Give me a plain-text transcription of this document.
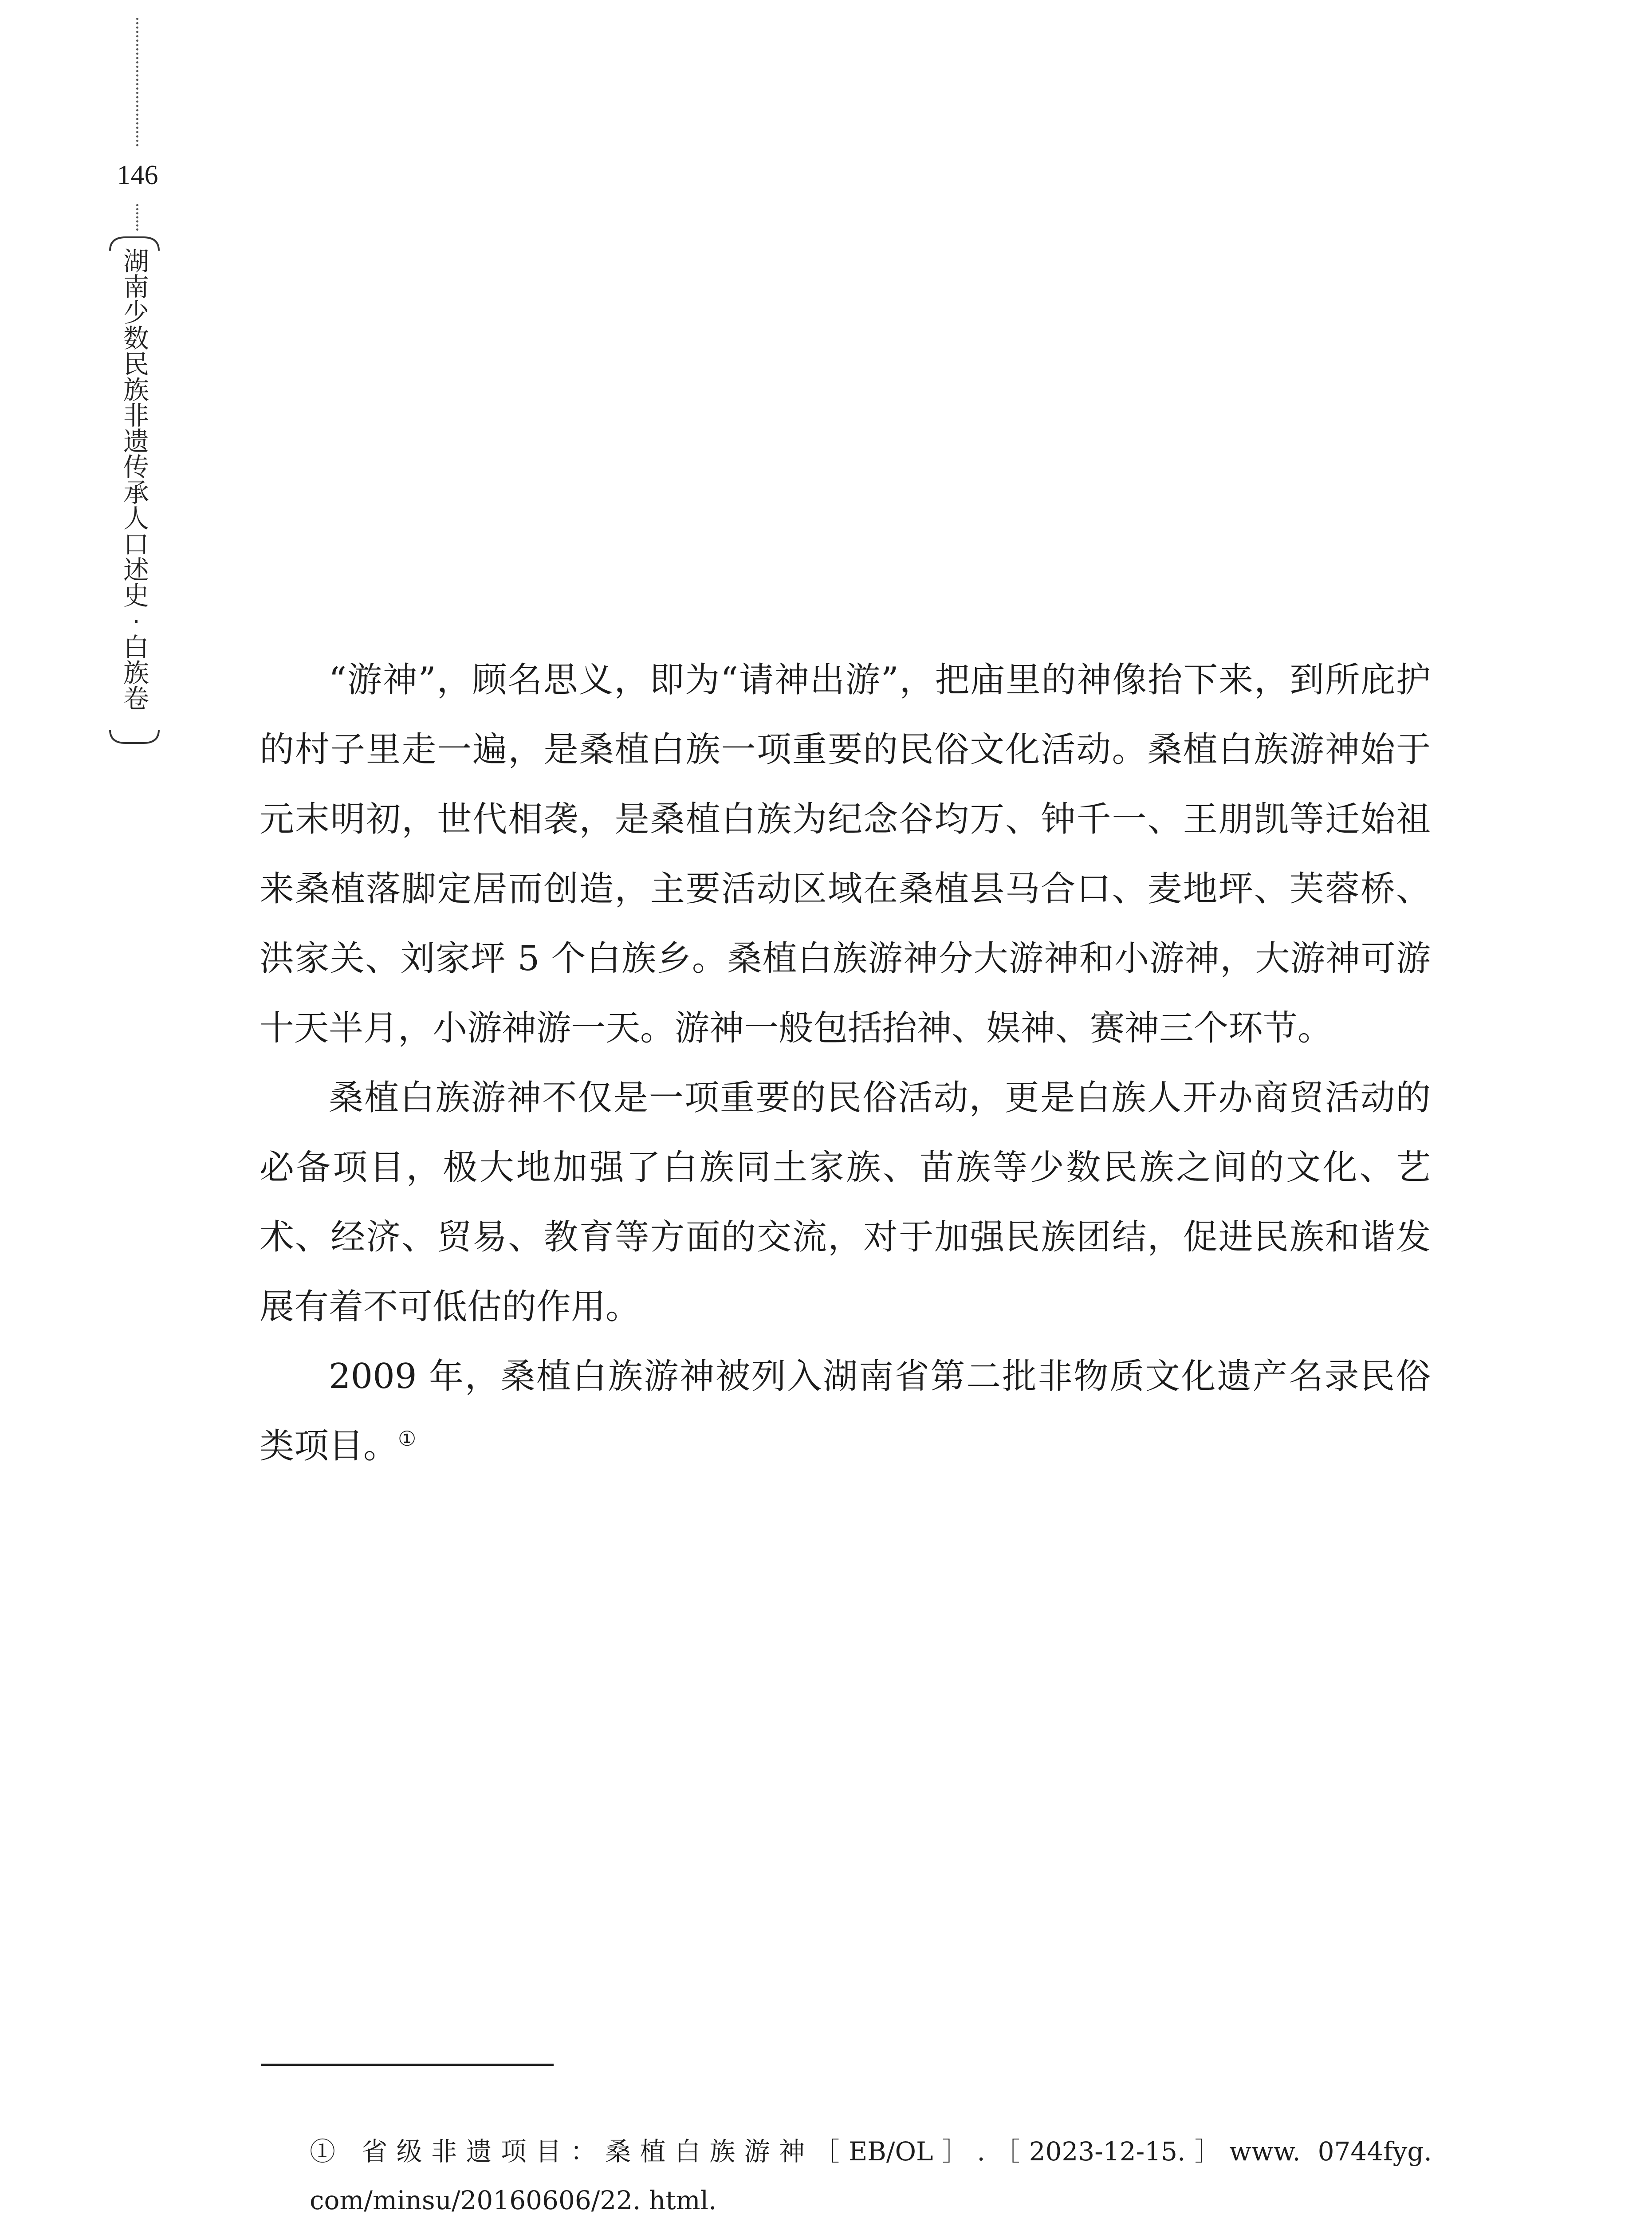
146
湖南少数民族非遗传承人口述史·白族卷	“游神”，顾名思义，即为“请神出游”，把庙里的神像抬下来，到所庇护的村子里走一遍，是桑植白族一项重要的民俗文化活动。桑植白族游神始于元末明初，世代相袭，是桑植白族为纪念谷均万、钟千一、王朋凯等迁始祖来桑植落脚定居而创造，主要活动区域在桑植县马合口、麦地坪、芙蓉桥、洪家关、刘家坪 5 个白族乡。桑植白族游神分大游神和小游神，大游神可游十天半月，小游神游一天。游神一般包括抬神、娱神、赛神三个环节。

桑植白族游神不仅是一项重要的民俗活动，更是白族人开办商贸活动的必备项目，极大地加强了白族同土家族、苗族等少数民族之间的文化、艺术、经济、贸易、教育等方面的交流，对于加强民族团结，促进民族和谐发展有着不可低估的作用。

2009 年，桑植白族游神被列入湖南省第二批非物质文化遗产名录民俗类项目。①

① 省级非遗项目：桑植白族游神［EB/OL］.［2023-12-15.］www. 0744fyg. com/minsu/20160606/22. html.
